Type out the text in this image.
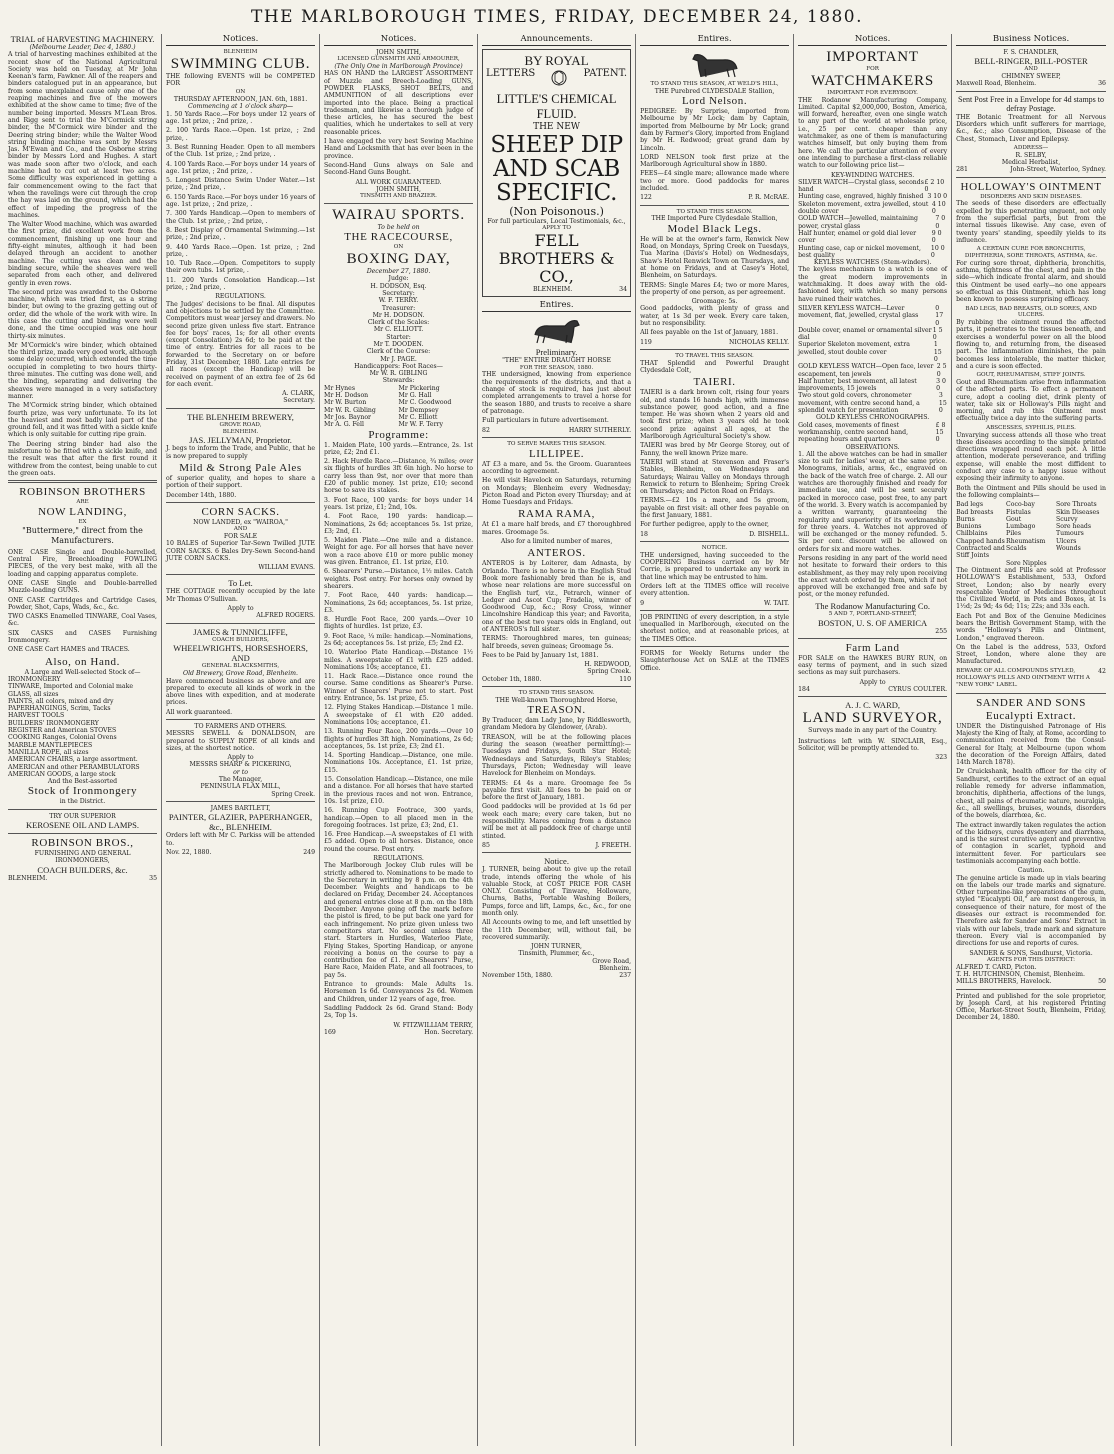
THE MARLBOROUGH TIMES, FRIDAY, DECEMBER 24, 1880.
TRIAL of HARVESTING MACHINERY.
(Melbourne Leader, Dec 4, 1880.)

A trial of harvesting machines exhibited at the recent show of the National Agricultural Society was held on Tuesday, at Mr John Keenan's farm, Fawkner. All of the reapers and binders catalogued put in an appearance, but from some unexplained cause only one of the reaping machines and five of the mowers exhibited at the show came to time; five of the number being imported. Messrs M'Lean Bros. and Rigg sent to trial the M'Cormick string binder, the M'Cormick wire binder and the Deering string binder; while the Walter Wood string binding machine was sent by Messrs Jas. M'Ewan and Co., and the Osborne string binder by Messrs Lord and Hughes. A start was made soon after two o'clock, and each machine had to cut out at least two acres. Some difficulty was experienced in getting a fair commencement owing to the fact that when the ravelings were cut through the crop the hay was laid on the ground, which had the effect of impeding the progress of the machines.

The Walter Wood machine, which was awarded the first prize, did excellent work from the commencement, finishing up one hour and fifty-eight minutes, although it had been delayed through an accident to another machine. The cutting was clean and the binding secure, while the sheaves were well separated from each other, and delivered gently in even rows.

The second prize was awarded to the Osborne machine, which was tried first, as a string binder, but owing to the grazing getting out of order, did the whole of the work with wire. In this case the cutting and binding were well done, and the time occupied was one hour thirty-six minutes.

Mr M'Cormick's wire binder, which obtained the third prize, made very good work, although some delay occurred, which extended the time occupied in completing to two hours thirty-three minutes. The cutting was done well, and the binding, separating and delivering the sheaves were managed in a very satisfactory manner.

The M'Cormick string binder, which obtained fourth prize, was very unfortunate. To its lot the heaviest and most badly laid part of the ground fell, and it was fitted with a sickle knife which is only suitable for cutting ripe grain.

The Deering string binder had also the misfortune to be fitted with a sickle knife, and the result was that after the first round it withdrew from the contest, being unable to cut the green oats.

ROBINSON BROTHERS
ARE
NOW LANDING,
EX
"Buttermere," direct from the Manufacturers.

ONE CASE Single and Double-barrelled, Central Fire, Breechloading FOWLING PIECES, of the very best make, with all the loading and capping apparatus complete.

ONE CASE Single and Double-barrelled Muzzle-loading GUNS.

ONE CASE Cartridges and Cartridge Cases, Powder, Shot, Caps, Wads, &c., &c.

TWO CASKS Enamelled TINWARE, Coal Vases, &c.

SIX CASKS and CASES Furnishing Ironmongery.

ONE CASE Cart HAMES and TRACES.

Also, on Hand.
A Large and Well-selected Stock of—
IRONMONGERY
TINWARE, Imported and Colonial make
GLASS, all sizes
PAINTS, all colors, mixed and dry
PAPERHANGINGS, Scrim, Tacks
HARVEST TOOLS
BUILDERS' IRONMONGERY
REGISTER and American STOVES
COOKING Ranges, Colonial Ovens
MARBLE MANTLEPIECES
MANILLA ROPE, all sizes
AMERICAN CHAIRS, a large assortment.
AMERICAN and other PERAMBULATORS
AMERICAN GOODS, a large stock
And the Best-assorted
Stock of Ironmongery
in the District.
TRY OUR SUPERIOR
KEROSENE OIL AND LAMPS.
ROBINSON BROS.,
FURNISHING AND GENERAL IRONMONGERS,
COACH BUILDERS, &c.
BLENHEIM.	35
Notices.
BLENHEIM
SWIMMING CLUB.

THE following EVENTS will be COMPETED FOR

ON
THURSDAY AFTERNOON, JAN. 6th, 1881.
Commencing at 1 o'clock sharp—

1. 50 Yards Race.—For boys under 12 years of age. 1st prize, ; 2nd prize, .

2. 100 Yards Race.—Open. 1st prize, ; 2nd prize, .

3. Best Running Header. Open to all members of the Club. 1st prize, ; 2nd prize, .

4. 100 Yards Race.—For boys under 14 years of age. 1st prize, ; 2nd prize, .

5. Longest Distance Swim Under Water.—1st prize, ; 2nd prize, .

6. 150 Yards Race.—For boys under 16 years of age. 1st prize, ; 2nd prize, .

7. 300 Yards Handicap.—Open to members of the Club. 1st prize, ; 2nd prize, .

8. Best Display of Ornamental Swimming.—1st prize, ; 2nd prize, .

9. 440 Yards Race.—Open. 1st prize, ; 2nd prize, .

10. Tub Race.—Open. Competitors to supply their own tubs. 1st prize, .

11. 200 Yards Consolation Handicap.—1st prize, ; 2nd prize, .

REGULATIONS.

The Judges' decisions to be final. All disputes and objections to be settled by the Committee. Competitors must wear jersey and drawers. No second prize given unless five start. Entrance fee for boys' races, 1s; for all other events (except Consolation) 2s 6d; to be paid at the time of entry. Entries for all races to be forwarded to the Secretary on or before Friday, 31st December, 1880. Late entries for all races (except the Handicap) will be received on payment of an extra fee of 2s 6d for each event.

A. CLARK,
Secretary.
THE BLENHEIM BREWERY,
GROVE ROAD,
BLENHEIM.
JAS. JELLYMAN, Proprietor.

J. begs to inform the Trade, and Public, that he is now prepared to supply

Mild & Strong Pale Ales

of superior quality, and hopes to share a portion of their support.

December 14th, 1880.
CORN SACKS.
NOW LANDED, ex "WAIROA,"
AND
FOR SALE

10 BALES of Superior Tar-Sewn Twilled JUTE CORN SACKS. 6 Bales Dry-Sewn Second-hand JUTE CORN SACKS.

WILLIAM EVANS.
To Let.

THE COTTAGE recently occupied by the late Mr Thomas O'Sullivan.

Apply to
ALFRED ROGERS.
JAMES & TUNNICLIFFE,
COACH BUILDERS,
WHEELWRIGHTS, HORSESHOERS, AND
GENERAL BLACKSMITHS,
Old Brewery, Grove Road, Blenheim.

Have commenced business as above and are prepared to execute all kinds of work in the above lines with expedition, and at moderate prices.

All work guaranteed.
TO FARMERS AND OTHERS.

MESSRS SEWELL & DONALDSON, are prepared to SUPPLY ROPE of all kinds and sizes, at the shortest notice.

Apply to
MESSRS SHARP & PICKERING,
or to
The Manager,
PENINSULA FLAX MILL,
Spring Creek.
JAMES BARTLETT,
PAINTER, GLAZIER, PAPERHANGER, &c., BLENHEIM.

Orders left with Mr C. Parkiss will be attended to.

Nov. 22, 1880.	249
Notices.
JOHN SMITH,
LICENSED GUNSMITH AND ARMOURER,
(The Only One in Marlborough Province)

HAS ON HAND the LARGEST ASSORTMENT of Muzzle and Breech-Loading GUNS, POWDER FLASKS, SHOT BELTS, and AMMUNITION of all descriptions ever imported into the place. Being a practical tradesman, and likewise a thorough judge of these articles, he has secured the best qualities, which he undertakes to sell at very reasonable prices.

I have engaged the very best Sewing Machine Hand and Locksmith that has ever been in the province.

Second-Hand Guns always on Sale and Second-Hand Guns Bought.

ALL WORK GUARANTEED.
JOHN SMITH,
TINSMITH AND BRAZIER.
WAIRAU SPORTS.
To be held on
THE RACECOURSE,
ON
BOXING DAY,
December 27, 1880.
Judge:
H. DODSON, Esq.
Secretary:
W. F. TERRY.
Treasurer:
Mr H. DODSON.
Clerk of the Scales:
Mr C. ELLIOTT.
Starter:
Mr T. DOODEN.
Clerk of the Course:
Mr J. PAGE.
Handicappers: Foot Races—
Mr W. R. GIBLING
Stewards:
Mr Hynes	Mr Pickering
Mr H. Dodson	Mr G. Hall
Mr W. Burton	Mr C. Goodwood
Mr W. R. Gibling	Mr Dempsey
Mr Jos. Baynor	Mr C. Elliott
Mr A. G. Fell	Mr W. F. Terry
Programme:

1. Maiden Plate, 100 yards.—Entrance, 2s. 1st prize, £2; 2nd £1.

2. Hack Hurdle Race.—Distance, ¾ miles; over six flights of hurdles 3ft 6in high. No horse to carry less than 9st, nor over that more than £20 of public money. 1st prize, £10; second horse to save its stakes.

3. Foot Race, 100 yards: for boys under 14 years. 1st prize, £1; 2nd, 10s.

4. Foot Race, 190 yards: handicap.—Nominations, 2s 6d; acceptances 5s. 1st prize, £3; 2nd, £1.

5. Maiden Plate.—One mile and a distance. Weight for age. For all horses that have never won a race above £10 or more public money was given. Entrance, £1. 1st prize, £10.

6. Shearers' Purse.—Distance, 1½ miles. Catch weights. Post entry. For horses only owned by shearers.

7. Foot Race, 440 yards: handicap.—Nominations, 2s 6d; acceptances, 5s. 1st prize, £3.

8. Hurdle Foot Race, 200 yards.—Over 10 flights of hurdles. 1st prize, £3.

9. Foot Race, ¼ mile: handicap.—Nominations, 2s 6d; acceptances 5s. 1st prize, £5; 2nd £2.

10. Waterloo Plate Handicap.—Distance 1½ miles. A sweepstake of £1 with £25 added. Nominations 10s; acceptance, £1.

11. Hack Race.—Distance once round the course. Same conditions as Shearer's Purse. Winner of Shearers' Purse not to start. Post entry. Entrance, 5s. 1st prize, £5.

12. Flying Stakes Handicap.—Distance 1 mile. A sweepstake of £1 with £20 added. Nominations 10s; acceptance, £1.

13. Running Four Race, 200 yards.—Over 10 flights of hurdles 3ft high. Nominations, 2s 6d; acceptances, 5s. 1st prize, £3; 2nd £1.

14. Sporting Handicap.—Distance, one mile. Nominations 10s. Acceptance, £1. 1st prize, £15.

15. Consolation Handicap.—Distance, one mile and a distance. For all horses that have started in the previous races and not won. Entrance, 10s. 1st prize, £10.

16. Running Cup Footrace, 300 yards, handicap.—Open to all placed men in the foregoing footraces. 1st prize, £3; 2nd, £1.

16. Free Handicap.—A sweepstakes of £1 with £5 added. Open to all horses. Distance, once round the course. Post entry.

REGULATIONS.

The Marlborough Jockey Club rules will be strictly adhered to. Nominations to be made to the Secretary in writing by 8 p.m. on the 4th December. Weights and handicaps to be declared on Friday, December 24. Acceptances and general entries close at 8 p.m. on the 18th December. Anyone going off the mark before the pistol is fired, to be put back one yard for each infringement. No prize given unless two competitors start. No second unless three start. Starters in Hurdles, Waterloo Plate, Flying Stakes, Sporting Handicap, or anyone receiving a bonus on the course to pay a contribution fee of £1. For Shearers' Purse, Hare Race, Maiden Plate, and all footraces, to pay 5s.

Entrance to grounds: Male Adults 1s. Horsemen 1s 6d. Conveyances 2s 6d. Women and Children, under 12 years of age, free.

Saddling Paddock 2s 6d. Grand Stand: Body 2s, Top 1s.

W. FITZWILLIAM TERRY,
169	Hon. Secretary.
Announcements.
BY ROYAL
LETTERS	PATENT.
LITTLE'S CHEMICAL FLUID.
THE NEW
SHEEP DIP AND SCAB SPECIFIC.
(Non Poisonous.)
For full particulars, Local Testimonials, &c.,
APPLY TO
FELL BROTHERS & CO.,
BLENHEIM.	34
Entires.
Preliminary.
"THE" ENTIRE DRAUGHT HORSE
FOR THE SEASON, 1880.

THE undersigned, knowing from experience the requirements of the districts, and that a change of stock is required, has just about completed arrangements to travel a horse for the season 1880, and trusts to receive a share of patronage.

Full particulars in future advertisement.

82	HARRY SUTHERLY.
TO SERVE MARES THIS SEASON.
LILLIPEE.

AT £3 a mare, and 5s. the Groom. Guarantees according to agreement.

He will visit Havelock on Saturdays, returning on Mondays; Blenheim every Wednesday; Picton Road and Picton every Thursday; and at Home Tuesdays and Fridays.

RAMA RAMA,

At £1 a mare half breds, and £7 thoroughbred mares. Groomage 5s.

Also for a limited number of mares,

ANTEROS.

ANTEROS is by Loiterer, dam Adnasta, by Orlando. There is no horse in the English Stud Book more fashionably bred than he is, and whose near relations are more successful on the English turf, viz., Petrarch, winner of Ledger and Ascot Cup; Fradelia, winner of Goodwood Cup, &c.; Rosy Cross, winner Lincolnshire Handicap this year; and Favorita, one of the best two years olds in England, out of ANTEROS's full sister.

TERMS: Thoroughbred mares, ten guineas; half breeds, seven guineas; Groomage 5s.

Fees to be Paid by January 1st, 1881.

H. REDWOOD,
Spring Creek.
October 1th, 1880.	110
TO STAND THIS SEASON.
THE Well-known Thoroughbred Horse,
TREASON.

By Traducer, dam Lady Jane, by Riddlesworth, grandam Medora by Glendower, (Arab).

TREASON, will be at the following places during the season (weather permitting):—Tuesdays and Fridays, South Star Hotel; Wednesdays and Saturdays, Riley's Stables; Thursdays, Picton; Wednesday will leave Havelock for Blenheim on Mondays.

TERMS: £4 4s a mare. Groomage fee 5s payable first visit. All fees to be paid on or before the first of January, 1881.

Good paddocks will be provided at 1s 6d per week each mare; every care taken, but no responsibility. Mares coming from a distance will be met at all paddock free of charge until stinted.

85	J. FREETH.
Notice.

J. TURNER, being about to give up the retail trade, intends offering the whole of his valuable Stock, at COST PRICE FOR CASH ONLY. Consisting of Tinware, Holloware, Churns, Baths, Portable Washing Boilers, Pumps, force and lift, Lamps, &c., &c., for one month only.

All Accounts owing to me, and left unsettled by the 11th December, will, without fail, be recovered summarily.

JOHN TURNER,
Tinsmith, Plummer, &c.,
Grove Road,
Blenheim.
November 15th, 1880.	237
Entires.
TO STAND THIS SEASON, AT WELD'S HILL,
THE Purebred CLYDESDALE Stallion,
Lord Nelson.

PEDIGREE: By Surprise, imported from Melbourne by Mr Lock; dam by Captain, imported from Melbourne by Mr Lock; grand dam by Farmer's Glory, imported from England by Mr H. Redwood; great grand dam by Lincoln.

LORD NELSON took first prize at the Marlborough Agricultural show in 1880.

FEES—£4 single mare; allowance made where two or more. Good paddocks for mares included.

122	P. R. McRAE.
TO STAND THIS SEASON.
THE Imported Pure Clydesdale Stallion,
Model Black Legs.

He will be at the owner's farm, Renwick New Road, on Mondays, Spring Creek on Tuesdays, Tua Marina (Davis's Hotel) on Wednesdays, Shaw's Hotel Renwick Town on Thursdays, and at home on Fridays, and at Casey's Hotel, Blenheim, on Saturdays.

TERMS: Single Mares £4; two or more Mares, the property of one person, as per agreement.

Groomage: 5s.

Good paddocks, with plenty of grass and water, at 1s 3d per week. Every care taken, but no responsibility.

All fees payable on the 1st of January, 1881.

119	NICHOLAS KELLY.
TO TRAVEL THIS SEASON.

THAT Splendid and Powerful Draught Clydesdale Colt,

TAIERI.

TAIERI is a dark brown colt, rising four years old, and stands 16 hands high, with immense substance power, good action, and a fine temper. He was shown when 2 years old and took first prize; when 3 years old he took second prize against all ages, at the Marlborough Agricultural Society's show.

TAIERI was bred by Mr George Storey, out of Fanny, the well known Prize mare.

TAIERI will stand at Stevenson and Fraser's Stables, Blenheim, on Wednesdays and Saturdays; Wairau Valley on Mondays through Renwick to return to Blenheim; Spring Creek on Thursdays; and Picton Road on Fridays.

TERMS.—£2 10s a mare, and 5s groom, payable on first visit: all other fees payable on the first January, 1881.

For further pedigree, apply to the owner,

18	D. BISHELL.
NOTICE.

THE undersigned, having succeeded to the COOPERING Business carried on by Mr Corrie, is prepared to undertake any work in that line which may be entrusted to him.

Orders left at the TIMES office will receive every attention.

9	W. TAIT.

JOB PRINTING of every description, in a style unequalled in Marlborough, executed on the shortest notice, and at reasonable prices, at the TIMES Office.

FORMS for Weekly Returns under the Slaughterhouse Act on SALE at the TIMES Office.

Notices.
IMPORTANT
FOR
WATCHMAKERS
IMPORTANT FOR EVERYBODY.

THE Rodanow Manufacturing Company, Limited. Capital $2,000,000, Boston, America, will forward, hereafter, even one single watch to any part of the world at wholesale price, i.e., 25 per cent. cheaper than any watchmaker, as one of them is manufacturing watches himself, but only buying them from here. We call the particular attention of every one intending to purchase a first-class reliable watch to our following price list—

KEY-WINDING WATCHES.
SILVER WATCH—Crystal glass, seconds hand
£ 2 10 0
Hunting case, engraved, highly finished 3 10 0
Skeleton movement, extra jewelled, stout double cover
4 10 0
GOLD WATCH—Jewelled, maintaining power, crystal glass
7 0 0
Half hunter, enamel or gold dial lever cover
9 0 0
Hunting case, cap or nickel movement, best quality
10 0 0
KEYLESS WATCHES (Stem-winders).

The keyless mechanism to a watch is one of the great modern improvements in watchmaking. It does away with the old-fashioned key, with which so many persons have ruined their watches.

SILVER KEYLESS WATCH—Lever movement, flat, jewelled, crystal glass
0 17 0
Double cover, enamel or ornamental silver dial
1 5 0
Superior Skeleton movement, extra jewelled, stout double cover
1 15 0
GOLD KEYLESS WATCH—Open face, lever escapement, ten jewels
2 5 0
Half hunter, best movement, all latest improvements, 15 jewels
3 0 0
Two stout gold covers, chronometer movement, with centre second hand, a splendid watch for presentation
3 15 0
GOLD KEYLESS CHRONOGRAPHS.
Gold cases, movements of finest workmanship, centre second hand, repeating hours and quarters
£ 8 15 0
OBSERVATIONS.

1. All the above watches can be had in smaller size to suit for ladies' wear, at the same price. Monograms, initials, arms, &c., engraved on the back of the watch free of charge. 2. All our watches are thoroughly finished and ready for immediate use, and will be sent securely packed in morocco case, post free, to any part of the world. 3. Every watch is accompanied by a written warranty, guaranteeing the regularity and superiority of its workmanship for three years. 4. Watches not approved of will be exchanged or the money refunded. 5. Six per cent. discount will be allowed on orders for six and more watches.

Persons residing in any part of the world need not hesitate to forward their orders to this establishment, as they may rely upon receiving the exact watch ordered by them, which if not approved will be exchanged free and safe by post, or the money refunded.

The Rodanow Manufacturing Co.
5 AND 7, PORTLAND-STREET,
BOSTON, U. S. OF AMERICA
255
Farm Land

FOR SALE on the HAWKES BURY RUN, on easy terms of payment, and in such sized sections as may suit purchasers.

Apply to
184	CYRUS COULTER.
A. J. C. WARD,
LAND SURVEYOR,
Surveys made in any part of the Country.

Instructions left with W. SINCLAIR, Esq., Solicitor, will be promptly attended to.

323
Business Notices.
F. S. CHANDLER,
BELL-RINGER, BILL-POSTER
AND
CHIMNEY SWEEP,
Maxwell Road, Blenheim.	36
Sent Post Free in a Envelope for 4d stamps to defray Postage.

THE Botanic Treatment for all Nervous Disorders which unfit sufferers for marriage, &c., &c.; also Consumption, Disease of the Chest, Stomach, Liver and Epilepsy.

ADDRESS—
R. SELBY,
Medical Herbalist,
281	John-Street, Waterloo, Sydney.
HOLLOWAY'S OINTMENT
DISORDERS AND SKIN DISEASES.

The seeds of these disorders are effectually expelled by this penetrating unguent, not only from the superficial parts, but from the internal tissues likewise. Any case, even of twenty years' standing, speedily yields to its influence.

A CERTAIN CURE FOR BRONCHITIS, DIPHTHERIA, SORE THROATS, ASTHMA, &c.

For curing sore throat, diphtheria, bronchitis, asthma, tightness of the chest, and pain in the side—which indicate frontal alarm, and should this Ointment be used early—no one appears so effectual as this Ointment, which has long been known to possess surprising efficacy.

BAD LEGS, BAD BREASTS, OLD SORES, AND ULCERS.

By rubbing the ointment round the affected parts, it penetrates to the tissues beneath, and exercises a wonderful power on all the blood flowing to, and returning from, the diseased part. The inflammation diminishes, the pain becomes less intolerable, the matter thicker, and a cure is soon effected.

GOUT, RHEUMATISM, STIFF JOINTS.

Gout and Rheumatism arise from inflammation of the affected parts. To effect a permanent cure, adopt a cooling diet, drink plenty of water, take six or Holloway's Pills night and morning, and rub this Ointment most effectually twice a day into the suffering parts.

ABSCESSES, SYPHILIS, PILES.

Unvarying success attends all those who treat these diseases according to the simple printed directions wrapped round each pot. A little attention, moderate perseverance, and trifling expense, will enable the most diffident to conduct any case to a happy issue without exposing their infirmity to anyone.

Both the Ointment and Pills should be used in the following complaints—

Bad legs	Coco-bay	Sore Throats
Bad breasts	Fistulas	Skin Diseases
Burns	Gout	Scurvy
Bunions	Lumbago	Sore heads
Chilblains	Piles	Tumours
Chapped hands Rheumatism	Ulcers
Contracted and Stiff Joints
Scalds	Wounds
Sore Nipples

The Ointment and Pills are sold at Professor HOLLOWAY'S Establishment, 533, Oxford Street, London; also by nearly every respectable Vendor of Medicines throughout the Civilized World, in Pots and Boxes, at 1s 1½d; 2s 9d; 4s 6d; 11s; 22s; and 33s each.

Each Pot and Box of the Genuine Medicines bears the British Government Stamp, with the words "Holloway's Pills and Ointment, London," engraved thereon.

On the Label is the address, 533, Oxford Street, London, where alone they are Manufactured.

BEWARE OF ALL COMPOUNDS STYLED, HOLLOWAY'S PILLS AND OINTMENT WITH A "NEW YORK" LABEL.
42
SANDER AND SONS
Eucalypti Extract.

UNDER the Distinguished Patronage of His Majesty the King of Italy, at Rome, according to communication received from the Consul-General for Italy, at Melbourne (upon whom the decoration of the Foreign Affairs, dated 14th March 1878).

Dr Cruickshank, health officer for the city of Sandhurst, certifies to the extract of an equal reliable remedy for adverse inflammation, bronchitis, diphtheria, affections of the lungs, chest, all pains of rheumatic nature, neuralgia, &c., all swellings, bruises, wounds, disorders of the bowels, diarrhœa, &c.

The extract inwardly taken regulates the action of the kidneys, cures dysentery and diarrhœa, and is the surest curative agent and preventive of contagion in scarlet, typhoid and intermittent fever. For particulars see testimonials accompanying each bottle.

Caution.

The genuine article is made up in vials bearing on the labels our trade marks and signature. Other turpentine-like preparations of the gum, styled "Eucalypti Oil," are most dangerous, in consequence of their nature, for most of the diseases our extract is recommended for. Therefore ask for Sander and Sons' Extract in vials with our labels, trade mark and signature thereon. Every vial is accompanied by directions for use and reports of cures.

SANDER & SONS, Sandhurst, Victoria.
AGENTS FOR THIS DISTRICT:
ALFRED T. CARD, Picton.
T. H. HUTCHINSON, Chemist, Blenheim.
MILLS BROTHERS, Havelock.	50

Printed and published for the sole proprietor, by Joseph Card, at his registered Printing Office, Market-Street South, Blenheim, Friday, December 24, 1880.
